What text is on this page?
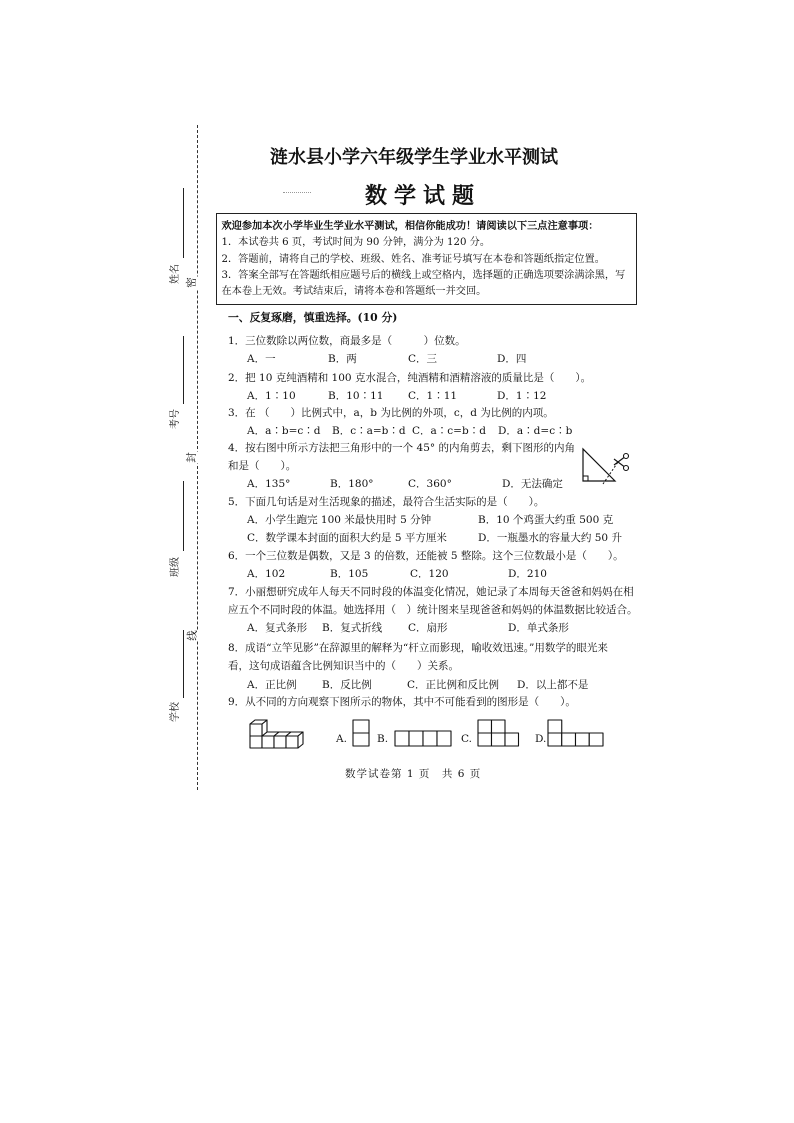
姓名
考号
班级
学校
密
封
线
涟水县小学六年级学生学业水平测试
数学试题
欢迎参加本次小学毕业生学业水平测试，相信你能成功！请阅读以下三点注意事项：
1．本试卷共 6 页，考试时间为 90 分钟，满分为 120 分。
2．答题前，请将自己的学校、班级、姓名、准考证号填写在本卷和答题纸指定位置。
3．答案全部写在答题纸相应题号后的横线上或空格内，选择题的正确选项要涂满涂黑，写
在本卷上无效。考试结束后，请将本卷和答题纸一并交回。
一、反复琢磨，慎重选择。(10 分)
1．三位数除以两位数，商最多是（　　　）位数。
A．一	B．两	C．三	D．四
2．把 10 克纯酒精和 100 克水混合，纯酒精和酒精溶液的质量比是（　　）。
A．1∶10	B．10∶11 C．1∶11	D．1∶12
3．在 （　　）比例式中，a，b 为比例的外项，c，d 为比例的内项。
A．a∶b=c∶d B．c∶a=b∶d C．a∶c=b∶d D．a∶d=c∶b
4．按右图中所示方法把三角形中的一个 45° 的内角剪去，剩下图形的内角
和是（　　）。
A．135°	B．180°	C．360°	D．无法确定
5．下面几句话是对生活现象的描述，最符合生活实际的是（　　）。
A．小学生跑完 100 米最快用时 5 分钟	B．10 个鸡蛋大约重 500 克
C．数学课本封面的面积大约是 5 平方厘米	D．一瓶墨水的容量大约 50 升
6．一个三位数是偶数，又是 3 的倍数，还能被 5 整除。这个三位数最小是（　　）。
A．102	B．105	C．120	D．210
7．小丽想研究成年人每天不同时段的体温变化情况，她记录了本周每天爸爸和妈妈在相
应五个不同时段的体温。她选择用（　）统计图来呈现爸爸和妈妈的体温数据比较适合。
A．复式条形 B．复式折线 C．扇形	D．单式条形
8．成语“立竿见影”在辞源里的解释为“杆立而影现，喻收效迅速。”用数学的眼光来
看，这句成语蕴含比例知识当中的（　　）关系。
A．正比例 B．反比例	C．正比例和反比例 D．以上都不是
9．从不同的方向观察下图所示的物体，其中不可能看到的图形是（　　）。
A.	B.	C.	D.
数学试卷第 1 页　共 6 页
